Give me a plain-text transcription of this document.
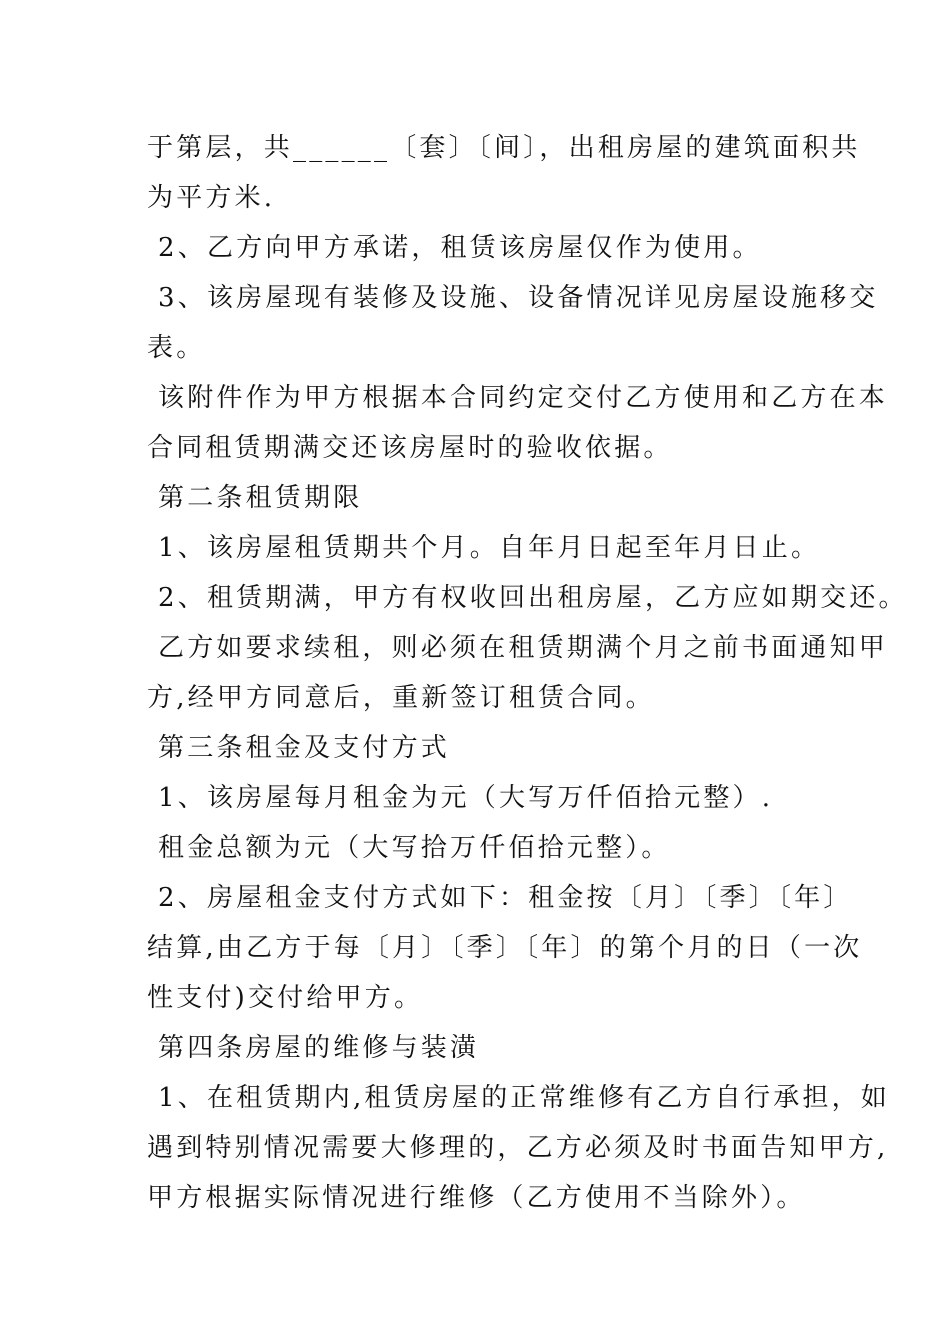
于第层，共______〔套〕〔间〕，出租房屋的建筑面积共
为平方米.
2、乙方向甲方承诺，租赁该房屋仅作为使用。
3、该房屋现有装修及设施、设备情况详见房屋设施移交
表。
该附件作为甲方根据本合同约定交付乙方使用和乙方在本
合同租赁期满交还该房屋时的验收依据。
第二条租赁期限
1、该房屋租赁期共个月。自年月日起至年月日止。
2、租赁期满，甲方有权收回出租房屋，乙方应如期交还。
乙方如要求续租，则必须在租赁期满个月之前书面通知甲
方,经甲方同意后，重新签订租赁合同。
第三条租金及支付方式
1、该房屋每月租金为元（大写万仟佰拾元整）.
租金总额为元（大写拾万仟佰拾元整）。
2、房屋租金支付方式如下：租金按〔月〕〔季〕〔年〕
结算,由乙方于每〔月〕〔季〕〔年〕的第个月的日（一次
性支付)交付给甲方。
第四条房屋的维修与装潢
1、在租赁期内,租赁房屋的正常维修有乙方自行承担，如
遇到特别情况需要大修理的，乙方必须及时书面告知甲方,
甲方根据实际情况进行维修（乙方使用不当除外）。
